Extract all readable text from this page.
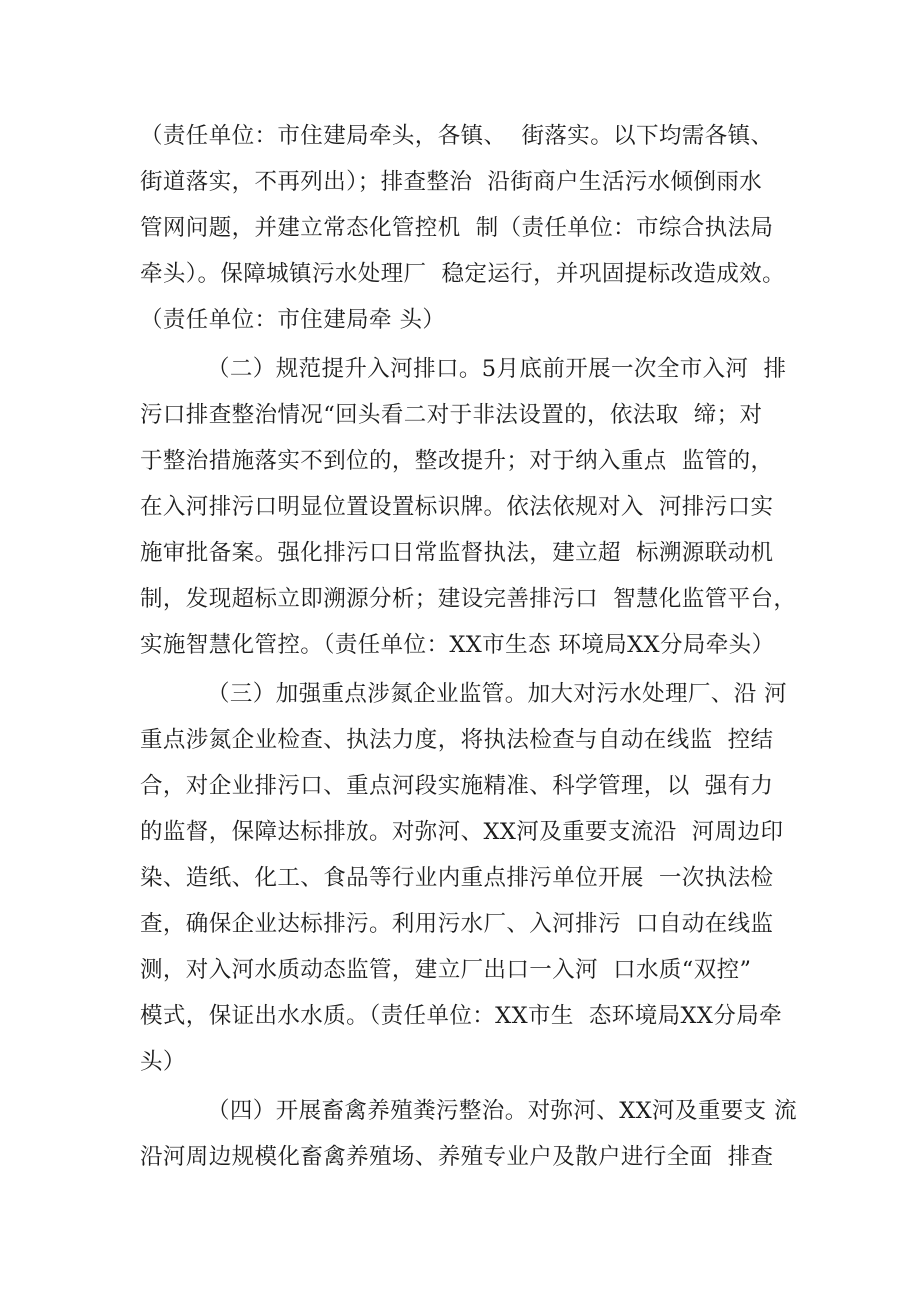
（责任单位：市住建局牵头，各镇、  街落实。以下均需各镇、
街道落实，不再列出）；排查整治  沿街商户生活污水倾倒雨水
管网问题，并建立常态化管控机  制（责任单位：市综合执法局
牵头）。保障城镇污水处理厂  稳定运行，并巩固提标改造成效。
（责任单位：市住建局牵 头）
（二）规范提升入河排口。5月底前开展一次全市入河  排
污口排查整治情况“回头看二对于非法设置的，依法取  缔；对
于整治措施落实不到位的，整改提升；对于纳入重点  监管的，
在入河排污口明显位置设置标识牌。依法依规对入  河排污口实
施审批备案。强化排污口日常监督执法，建立超  标溯源联动机
制，发现超标立即溯源分析；建设完善排污口  智慧化监管平台，
实施智慧化管控。（责任单位：XX市生态 环境局XX分局牵头）
（三）加强重点涉氮企业监管。加大对污水处理厂、沿 河
重点涉氮企业检查、执法力度，将执法检查与自动在线监  控结
合，对企业排污口、重点河段实施精准、科学管理，以  强有力
的监督，保障达标排放。对弥河、XX河及重要支流沿  河周边印
染、造纸、化工、食品等行业内重点排污单位开展  一次执法检
查，确保企业达标排污。利用污水厂、入河排污  口自动在线监
测，对入河水质动态监管，建立厂出口一入河  口水质“双控”
模式，保证出水水质。（责任单位：XX市生  态环境局XX分局牵
头）
（四）开展畜禽养殖粪污整治。对弥河、XX河及重要支 流
沿河周边规模化畜禽养殖场、养殖专业户及散户进行全面  排查
